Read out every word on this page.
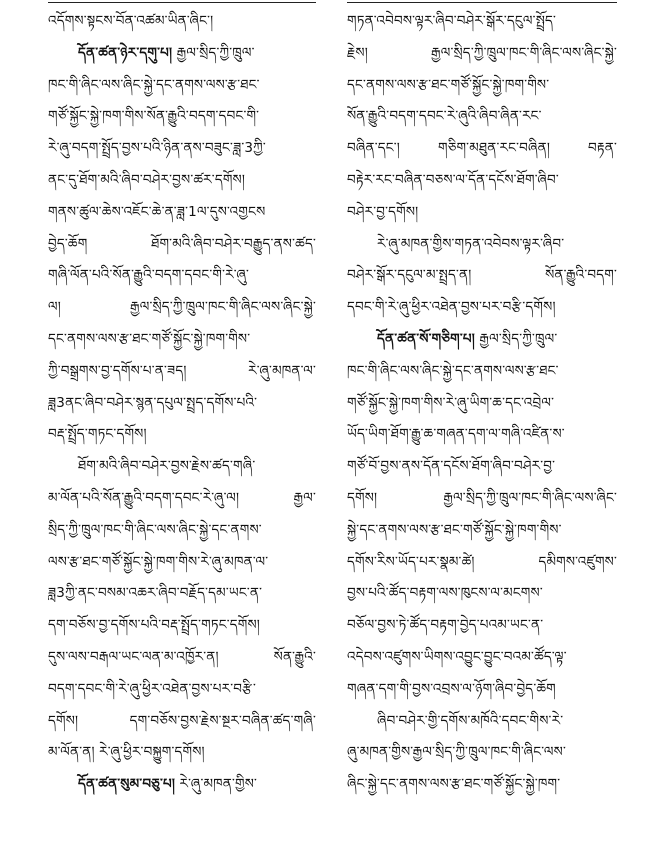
འདོགས་སྟངས་བོན་འཚམ་ཡིན་ཞིང་།
དོན་ཚན་ཉེར་དགུ་པ། རྒྱལ་སྲིད་ཀྱི་ཁྲུལ་
ཁང་གི་ཞིང་ལས་ཞིང་སྐྱེ་དང་ནགས་ལས་རྩ་ཐང་
གཙོ་སྐྱོང་སྐྱེ་ཁག་གིས་སོན་རྒྱུའི་བདག་དབང་གི་
རེ་ཞུ་བདག་སྤྲོད་བྱས་པའི་ཉིན་ནས་བཟུང་ཟླ་3ཀྱི་
ནང་དུ་ཐོག་མའི་ཞིབ་བཤེར་བྱས་ཚར་དགོས།
གནས་ཚུལ་ཆེས་འཇོང་ཆེ་ན་ཟླ་1ལ་དུས་འགྱངས
བྱེད་ཆོག ཐོག་མའི་ཞིབ་བཤེར་བརྒྱུད་ནས་ཚད་
གཞི་ལོན་པའི་སོན་རྒྱུའི་བདག་དབང་གི་རེ་ཞུ་
ལ། རྒྱལ་སྲིད་ཀྱི་ཁྲུལ་ཁང་གི་ཞིང་ལས་ཞིང་སྐྱེ་
དང་ནགས་ལས་རྩ་ཐང་གཙོ་སྐྱོང་སྐྱེ་ཁག་གིས་
ཀྱི་བསྒྲགས་བྱ་དགོས་པ་ན་ཟད། རེ་ཞུ་མཁན་ལ་
ཟླ3ནང་ཞིབ་བཤེར་སྙན་དཔུལ་སྤྲད་དགོས་པའི་
བརྡ་སྤྲོད་གཏང་དགོས།
ཐོག་མའི་ཞིབ་བཤེར་བྱས་རྗེས་ཚད་གཞི་
མ་ལོན་པའི་སོན་རྒྱུའི་བདག་དབང་རེ་ཞུ་ལ། རྒྱལ་
སྲིད་ཀྱི་ཁྲུལ་ཁང་གི་ཞིང་ལས་ཞིང་སྐྱེ་དང་ནགས་
ལས་རྩ་ཐང་གཙོ་སྐྱོང་སྐྱེ་ཁག་གིས་རེ་ཞུ་མཁན་ལ་
ཟླ3ཀྱི་ནང་བསམ་འཆར་ཞིབ་བརྗོད་དམ་ཡང་ན་
དག་བཅོས་བྱ་དགོས་པའི་བརྡ་སྤྲོད་གཏང་དགོས།
དུས་ལས་བརྒལ་ཡང་ལན་མ་འཁྱོར་ན། སོན་རྒྱུའི་
བདག་དབང་གི་རེ་ཞུ་ཕྱིར་འཐེན་བྱས་པར་བརྩི་
དགོས། དག་བཅོས་བྱས་རྗེས་སྔར་བཞིན་ཚད་གཞི་
མ་ལོན་ན། རེ་ཞུ་ཕྱིར་བསྐྱུག་དགོས།
དོན་ཚན་སུམ་བཅུ་པ། རེ་ཞུ་མཁན་གྱིས་
གཏན་འབེབས་ལྟར་ཞིབ་བཤེར་སྒོར་དངུལ་སྤྲོད་
རྗེས། རྒྱལ་སྲིད་ཀྱི་ཁྲུལ་ཁང་གི་ཞིང་ལས་ཞིང་སྐྱེ་
དང་ནགས་ལས་རྩ་ཐང་གཙོ་སྐྱོང་སྐྱེ་ཁག་གིས་
སོན་རྒྱུའི་བདག་དབང་རེ་ཞུའི་ཞིབ་ཞིན་རང་
བཞིན་དང་། གཅིག་མཐུན་རང་བཞིན། བརྟན་
བརྟེར་རང་བཞིན་བཅས་ལ་དོན་དངོས་ཐོག་ཞིབ་
བཤེར་བྱ་དགོས།
རེ་ཞུ་མཁན་གྱིས་གཏན་འབེབས་ལྟར་ཞིབ་
བཤེར་སྒོར་དངུལ་མ་སྤྲད་ན། སོན་རྒྱུའི་བདག་
དབང་གི་རེ་ཞུ་ཕྱིར་འཐེན་བྱས་པར་བརྩི་དགོས།
དོན་ཚན་སོ་གཅིག་པ། རྒྱལ་སྲིད་ཀྱི་ཁྲུལ་
ཁང་གི་ཞིང་ལས་ཞིང་སྐྱེ་དང་ནགས་ལས་རྩ་ཐང་
གཙོ་སྐྱོང་སྐྱེ་ཁག་གིས་རེ་ཞུ་ཡིག་ཆ་དང་འབྲེལ་
ཡོད་ཡིག་ཐོག་རྒྱུ་ཆ་གཞན་དག་ལ་གཞི་འཛིན་ས་
གཙོ་བོ་བྱས་ནས་དོན་དངོས་ཐོག་ཞིབ་བཤེར་བྱ་
དགོས། རྒྱལ་སྲིད་ཀྱི་ཁྲུལ་ཁང་གི་ཞིང་ལས་ཞིང་
སྐྱེ་དང་ནགས་ལས་རྩ་ཐང་གཙོ་སྐྱོང་སྐྱེ་ཁག་གིས་
དགོས་རིས་ཡོད་པར་སྣམ་ཚེ། དམིགས་འཛུགས་
བྱས་པའི་ཚོད་བརྟག་ལས་ཁུངས་ལ་མངགས་
བཅོལ་བྱས་ཏེ་ཚོད་བརྟག་བྱེད་པའམ་ཡང་ན་
འདེབས་འཛུགས་ཡིགས་འབྱུང་བྱུང་བའམ་ཚོད་ལྟ་
གཞན་དག་གི་བྱས་འབྲས་ལ་ཉོག་ཞིབ་བྱེད་ཆོག
ཞིབ་བཤེར་གྱི་དགོས་མཁོའི་དབང་གིས་རེ་
ཞུ་མཁན་གྱིས་རྒྱལ་སྲིད་ཀྱི་ཁྲུལ་ཁང་གི་ཞིང་ལས་
ཞིང་སྐྱེ་དང་ནགས་ལས་རྩ་ཐང་གཙོ་སྐྱོང་སྐྱེ་ཁག་
